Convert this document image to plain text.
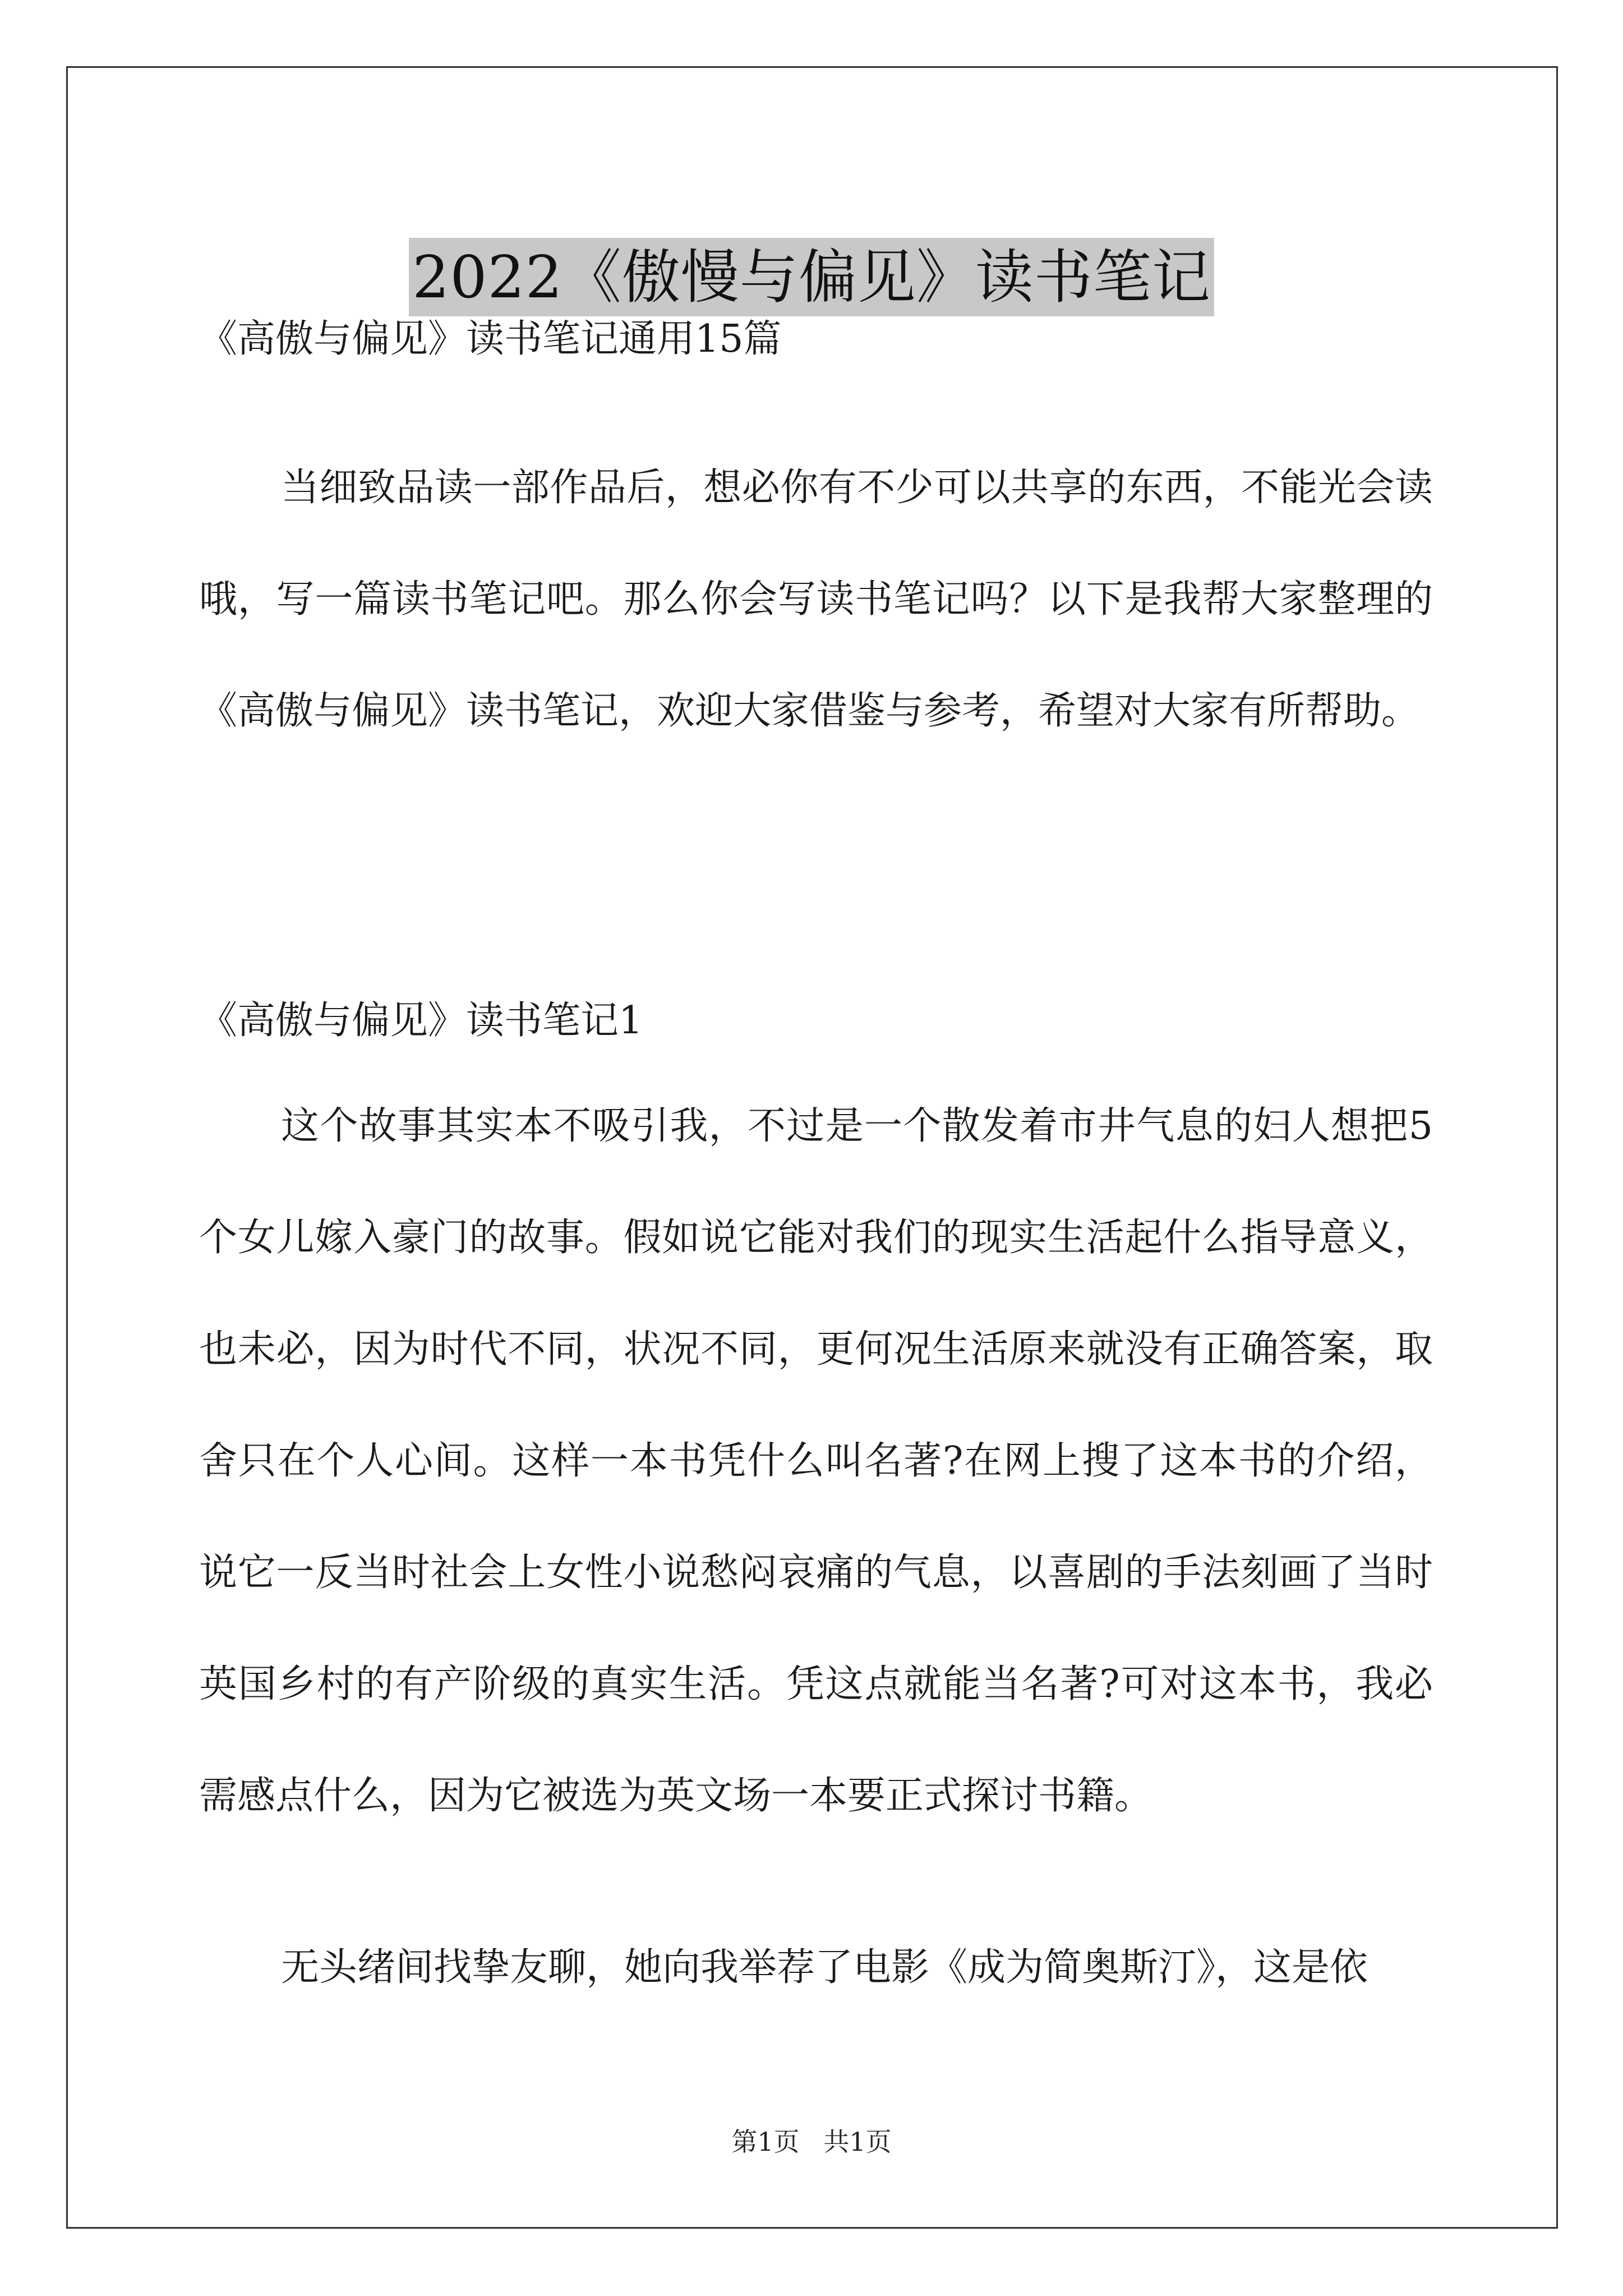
2022《傲慢与偏见》读书笔记
《高傲与偏见》读书笔记通用15篇

当细致品读一部作品后，想必你有不少可以共享的东西，不能光会读哦，写一篇读书笔记吧。那么你会写读书笔记吗？以下是我帮大家整理的《高傲与偏见》读书笔记，欢迎大家借鉴与参考，希望对大家有所帮助。

《高傲与偏见》读书笔记1

这个故事其实本不吸引我，不过是一个散发着市井气息的妇人想把5个女儿嫁入豪门的故事。假如说它能对我们的现实生活起什么指导意义，也未必，因为时代不同，状况不同，更何况生活原来就没有正确答案，取舍只在个人心间。这样一本书凭什么叫名著?在网上搜了这本书的介绍，说它一反当时社会上女性小说愁闷哀痛的气息，以喜剧的手法刻画了当时英国乡村的有产阶级的真实生活。凭这点就能当名著?可对这本书，我必需感点什么，因为它被选为英文场一本要正式探讨书籍。

无头绪间找挚友聊，她向我举荐了电影《成为简奥斯汀》，这是依

第1页 共1页
